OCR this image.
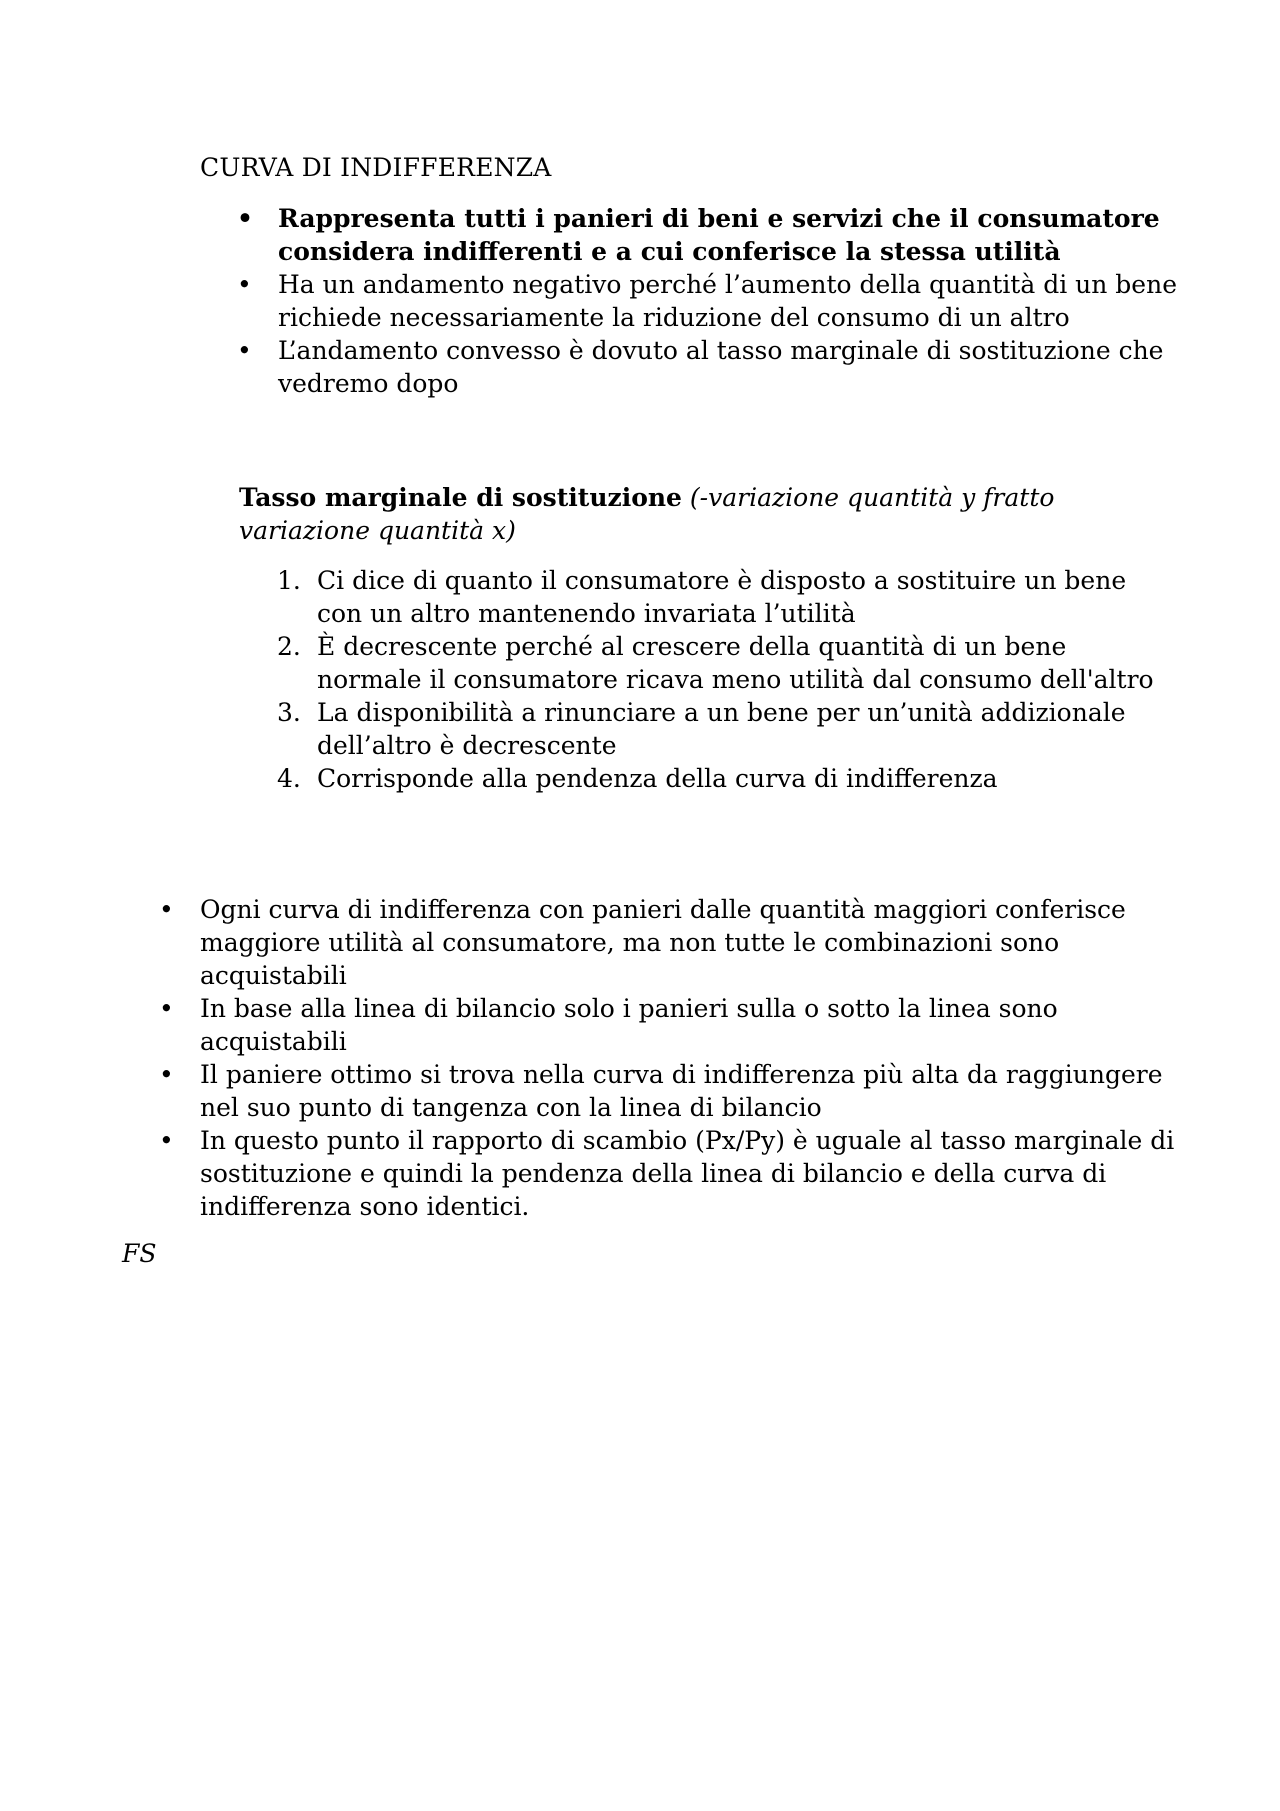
CURVA DI INDIFFERENZA
• Rappresenta tutti i panieri di beni e servizi che il consumatore considera indifferenti e a cui conferisce la stessa utilità
• Ha un andamento negativo perché l’aumento della quantità di un bene richiede necessariamente la riduzione del consumo di un altro
• L’andamento convesso è dovuto al tasso marginale di sostituzione che vedremo dopo

Tasso marginale di sostituzione (-variazione quantità y fratto variazione quantità x)

1. Ci dice di quanto il consumatore è disposto a sostituire un bene con un altro mantenendo invariata l’utilità
2. È decrescente perché al crescere della quantità di un bene normale il consumatore ricava meno utilità dal consumo dell'altro
3. La disponibilità a rinunciare a un bene per un’unità addizionale dell’altro è decrescente
4. Corrisponde alla pendenza della curva di indifferenza
• Ogni curva di indifferenza con panieri dalle quantità maggiori conferisce maggiore utilità al consumatore, ma non tutte le combinazioni sono acquistabili
• In base alla linea di bilancio solo i panieri sulla o sotto la linea sono acquistabili
• Il paniere ottimo si trova nella curva di indifferenza più alta da raggiungere nel suo punto di tangenza con la linea di bilancio
• In questo punto il rapporto di scambio (Px/Py) è uguale al tasso marginale di sostituzione e quindi la pendenza della linea di bilancio e della curva di indifferenza sono identici.

FS
